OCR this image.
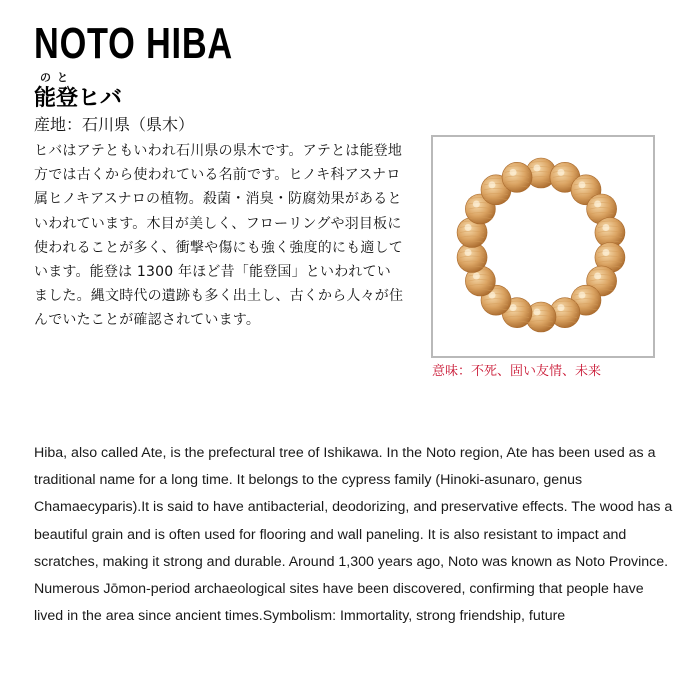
NOTO HIBA
のと
能登ヒバ
産地：石川県（県木）
ヒバはアテともいわれ石川県の県木です。アテとは能登地方では古くから使われている名前です。ヒノキ科アスナロ属ヒノキアスナロの植物。殺菌・消臭・防腐効果があるといわれています。木目が美しく、フローリングや羽目板に使われることが多く、衝撃や傷にも強く強度的にも適しています。能登は 1300 年ほど昔「能登国」といわれていました。縄文時代の遺跡も多く出土し、古くから人々が住んでいたことが確認されています。
意味：不死、固い友情、未来
Hiba, also called Ate, is the prefectural tree of Ishikawa. In the Noto region, Ate has been used as a traditional name for a long time. It belongs to the cypress family (Hinoki-asunaro, genus Chamaecyparis).It is said to have antibacterial, deodorizing, and preservative effects. The wood has a beautiful grain and is often used for flooring and wall paneling. It is also resistant to impact and scratches, making it strong and durable. Around 1,300 years ago, Noto was known as Noto Province. Numerous Jōmon-period archaeological sites have been discovered, confirming that people have lived in the area since ancient times.Symbolism: Immortality, strong friendship, future
